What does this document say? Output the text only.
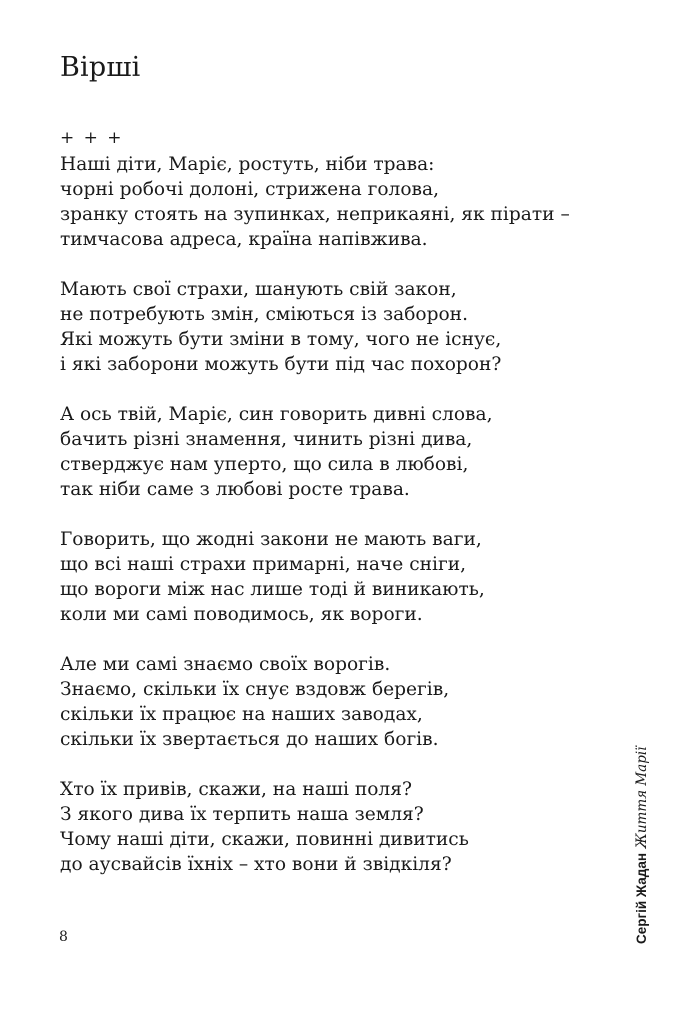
Вірші
+ + +
Наші діти, Маріє, ростуть, ніби трава:
чорні робочі долоні, стрижена голова,
зранку стоять на зупинках, неприкаяні, як пірати –
тимчасова адреса, країна напівжива.
Мають свої страхи, шанують свій закон,
не потребують змін, сміються із заборон.
Які можуть бути зміни в тому, чого не існує,
і які заборони можуть бути під час похорон?
А ось твій, Маріє, син говорить дивні слова,
бачить різні знамення, чинить різні дива,
стверджує нам уперто, що сила в любові,
так ніби саме з любові росте трава.
Говорить, що жодні закони не мають ваги,
що всі наші страхи примарні, наче сніги,
що вороги між нас лише тоді й виникають,
коли ми самі поводимось, як вороги.
Але ми самі знаємо своїх ворогів.
Знаємо, скільки їх снує вздовж берегів,
скільки їх працює на наших заводах,
скільки їх звертається до наших богів.
Хто їх привів, скажи, на наші поля?
З якого дива їх терпить наша земля?
Чому наші діти, скажи, повинні дивитись
до аусвайсів їхніх – хто вони й звідкіля?
8	Сергій Жадан Життя Марії
